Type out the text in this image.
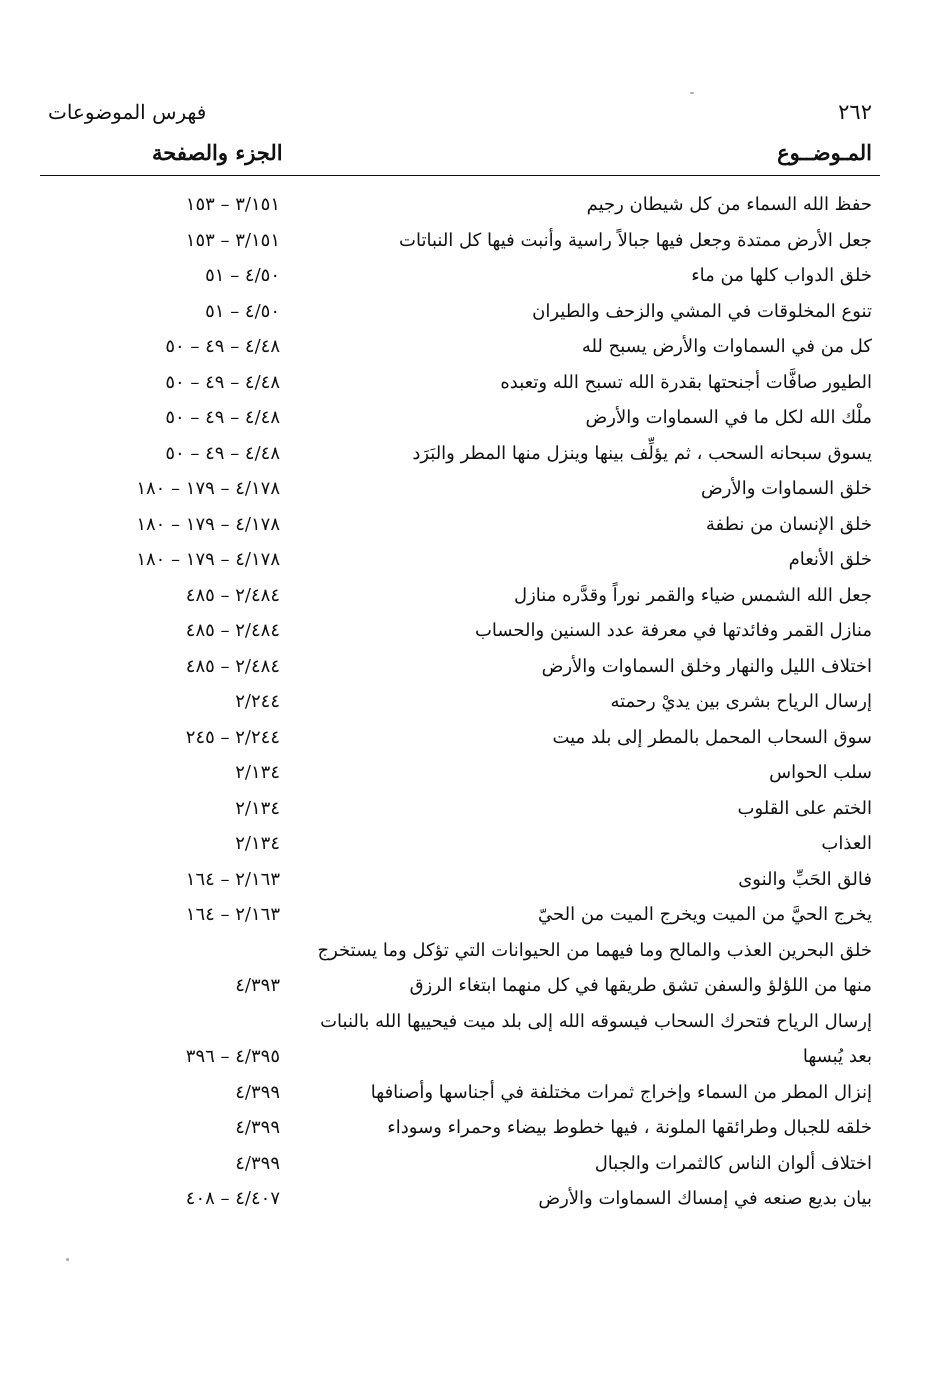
٢٦٢
فهرس الموضوعات
المـوضــوع
الجزء والصفحة
حفظ الله السماء من كل شيطان رجيم
٣/١٥١ – ١٥٣
جعل الأرض ممتدة وجعل فيها جبالاً راسية وأنبت فيها كل النباتات
٣/١٥١ – ١٥٣
خلق الدواب كلها من ماء
٤/٥٠ – ٥١
تنوع المخلوقات في المشي والزحف والطيران
٤/٥٠ – ٥١
كل من في السماوات والأرض يسبح لله
٤/٤٨ – ٤٩ – ٥٠
الطيور صافَّات أجنحتها بقدرة الله تسبح الله وتعبده
٤/٤٨ – ٤٩ – ٥٠
ملْك الله لكل ما في السماوات والأرض
٤/٤٨ – ٤٩ – ٥٠
يسوق سبحانه السحب ، ثم يؤلِّف بينها وينزل منها المطر والبَرَد
٤/٤٨ – ٤٩ – ٥٠
خلق السماوات والأرض
٤/١٧٨ – ١٧٩ – ١٨٠
خلق الإنسان من نطفة
٤/١٧٨ – ١٧٩ – ١٨٠
خلق الأنعام
٤/١٧٨ – ١٧٩ – ١٨٠
جعل الله الشمس ضياء والقمر نوراً وقدَّره منازل
٢/٤٨٤ – ٤٨٥
منازل القمر وفائدتها في معرفة عدد السنين والحساب
٢/٤٨٤ – ٤٨٥
اختلاف الليل والنهار وخلق السماوات والأرض
٢/٤٨٤ – ٤٨٥
إرسال الرياح بشرى بين يديْ رحمته
٢/٢٤٤
سوق السحاب المحمل بالمطر إلى بلد ميت
٢/٢٤٤ – ٢٤٥
سلب الحواس
٢/١٣٤
الختم على القلوب
٢/١٣٤
العذاب
٢/١٣٤
فالق الحَبِّ والنوى
٢/١٦٣ – ١٦٤
يخرج الحيَّ من الميت ويخرج الميت من الحيّ
٢/١٦٣ – ١٦٤
خلق البحرين العذب والمالح وما فيهما من الحيوانات التي تؤكل وما يستخرج
منها من اللؤلؤ والسفن تشق طريقها في كل منهما ابتغاء الرزق
٤/٣٩٣
إرسال الرياح فتحرك السحاب فيسوقه الله إلى بلد ميت فيحييها الله بالنبات
بعد يُبسها
٤/٣٩٥ – ٣٩٦
إنزال المطر من السماء وإخراج ثمرات مختلفة في أجناسها وأصنافها
٤/٣٩٩
خلقه للجبال وطرائقها الملونة ، فيها خطوط بيضاء وحمراء وسوداء
٤/٣٩٩
اختلاف ألوان الناس كالثمرات والجبال
٤/٣٩٩
بيان بديع صنعه في إمساك السماوات والأرض
٤/٤٠٧ – ٤٠٨
